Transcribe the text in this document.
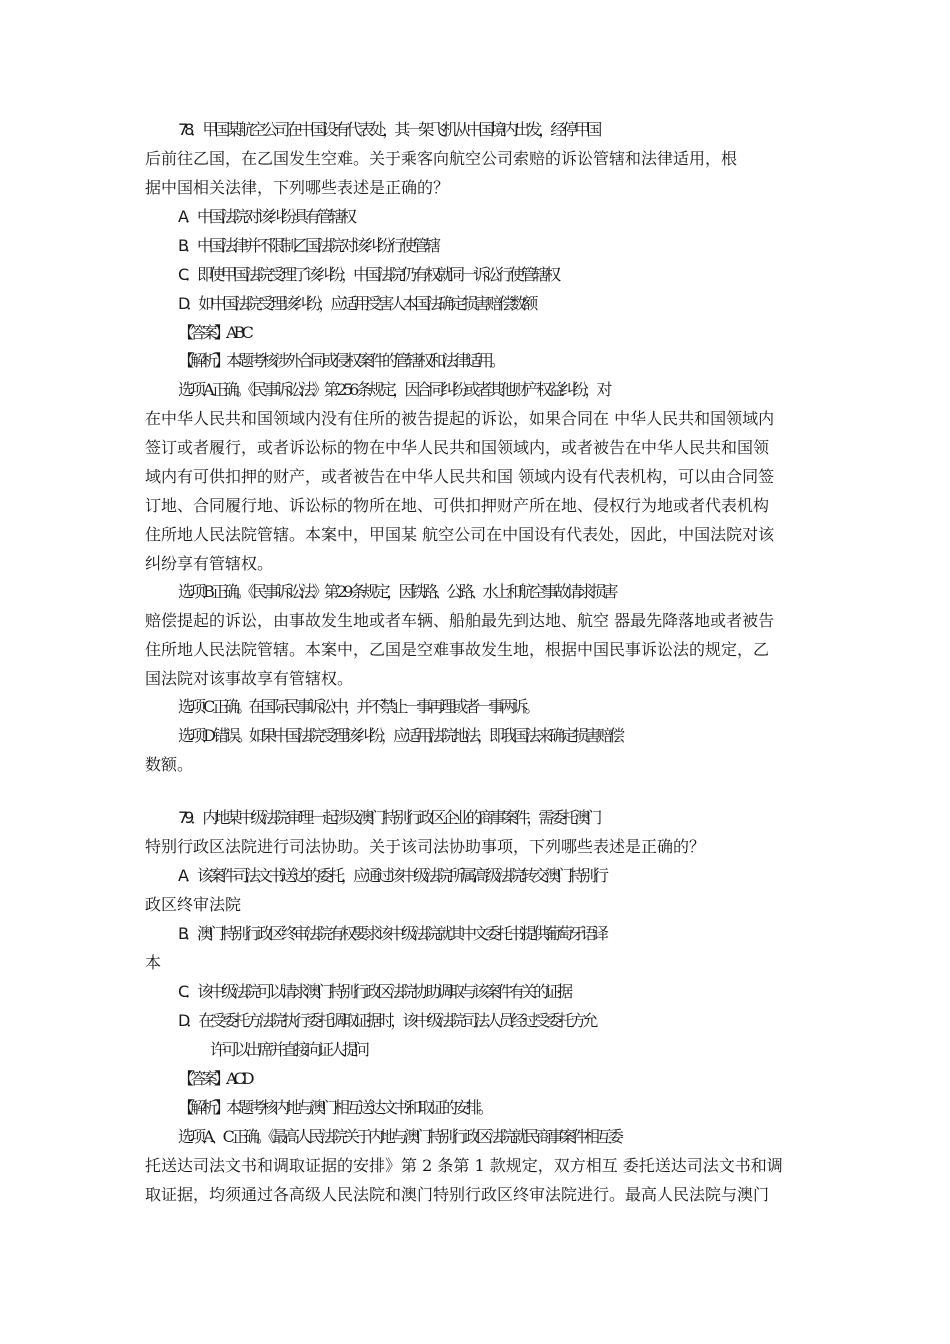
78．甲国某航空公司在中国设有代表处，其一架飞机从中国境内出发，经停甲国
后前往乙国，在乙国发生空难。关于乘客向航空公司索赔的诉讼管辖和法律适用，根
据中国相关法律，下列哪些表述是正确的？
A．中国法院对该纠纷具有管辖权
B．中国法律并不限制乙国法院对该纠纷行使管辖
C．即使甲国法院受理了该纠纷，中国法院仍有权就同一诉讼行使管辖权
D．如中国法院受理该纠纷，应适用受害人本国法确定损害赔偿数额
【答案】ABC
【解析】本题考核涉外合同或侵权案件的管辖权和法律适用。
选项 A 正确。《民事诉讼法》第 256 条规定，因合同纠纷或者其他财产权益纠纷，对
在中华人民共和国领域内没有住所的被告提起的诉讼，如果合同在 中华人民共和国领域内
签订或者履行，或者诉讼标的物在中华人民共和国领域内，或者被告在中华人民共和国领
域内有可供扣押的财产，或者被告在中华人民共和国 领域内设有代表机构，可以由合同签
订地、合同履行地、诉讼标的物所在地、可供扣押财产所在地、侵权行为地或者代表机构
住所地人民法院管辖。本案中，甲国某 航空公司在中国设有代表处，因此，中国法院对该
纠纷享有管辖权。
选项 B 正确。《民事诉讼法》第 29 条规定，因铁路、公路、水上和航空事故请求损害
赔偿提起的诉讼，由事故发生地或者车辆、船舶最先到达地、航空 器最先降落地或者被告
住所地人民法院管辖。本案中，乙国是空难事故发生地，根据中国民事诉讼法的规定，乙
国法院对该事故享有管辖权。
选项 C 正确。在国际民事诉讼中，并不禁止一事再理或者一事两诉。
选项 D 错误。如果中国法院受理该纠纷，应适用法院地法，即我国法来确定损害赔偿
数额。
79．内地某中级法院审理一起涉及澳门特别行政区企业的商事案件，需委托澳门
特别行政区法院进行司法协助。关于该司法协助事项，下列哪些表述是正确的？
A．该案件司法文书送达的委托，应通过该中级法院所属高级法院转交澳门特别行
政区终审法院
B．澳门特别行政区终审法院有权要求该中级法院就其中文委托书提供葡萄牙语译
本
C．该中级法院可以请求澳门特别行政区法院协助调取与该案件有关的证据
D．在受委托方法院执行委托调取证据时，该中级法院司法人员经过受委托方允
许可以出席并直接向证人提问
【答案】ACD
【解析】本题考核内地与澳门相互送达文书和取证的安排。
选项 A、C 正确。《最高人民法院关于内地与澳门特别行政区法院就民商事案件相互委
托送达司法文书和调取证据的安排》第 2 条第 1 款规定，双方相互 委托送达司法文书和调
取证据，均须通过各高级人民法院和澳门特别行政区终审法院进行。最高人民法院与澳门
